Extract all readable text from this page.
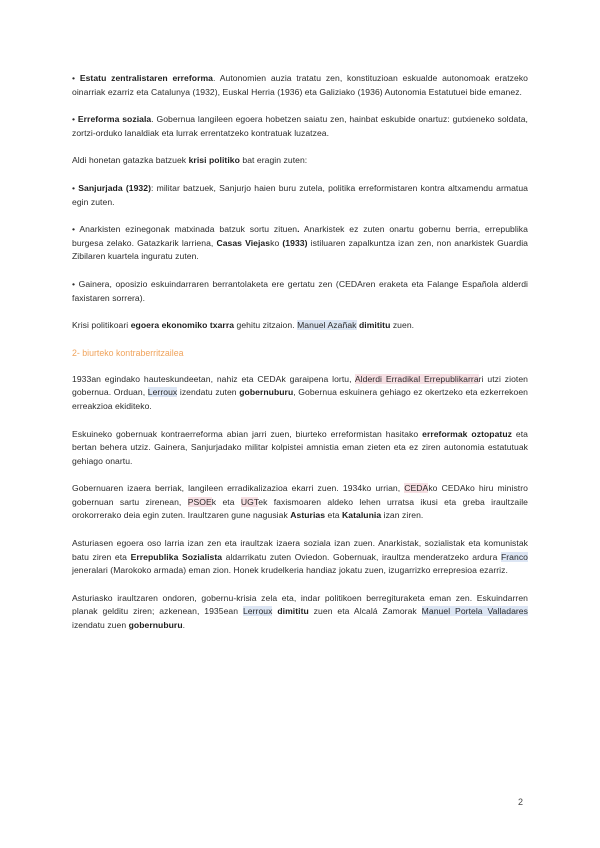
• Estatu zentralistaren erreforma. Autonomien auzia tratatu zen, konstituzioan eskualde autonomoak eratzeko oinarriak ezarriz eta Catalunya (1932), Euskal Herria (1936) eta Galiziako (1936) Autonomia Estatutuei bide emanez.

• Erreforma soziala. Gobernua langileen egoera hobetzen saiatu zen, hainbat eskubide onartuz: gutxieneko soldata, zortzi-orduko lanaldiak eta lurrak errentatzeko kontratuak luzatzea.

Aldi honetan gatazka batzuek krisi politiko bat eragin zuten:

• Sanjurjada (1932): militar batzuek, Sanjurjo haien buru zutela, politika erreformistaren kontra altxamendu armatua egin zuten.

• Anarkisten ezinegonak matxinada batzuk sortu zituen. Anarkistek ez zuten onartu gobernu berria, errepublika burgesa zelako. Gatazkarik larriena, Casas Viejasko (1933) istiluaren zapalkuntza izan zen, non anarkistek Guardia Zibilaren kuartela inguratu zuten.

• Gainera, oposizio eskuindarraren berrantolaketa ere gertatu zen (CEDAren eraketa eta Falange Española alderdi faxistaren sorrera).

Krisi politikoari egoera ekonomiko txarra gehitu zitzaion. Manuel Azañak dimititu zuen.

2- biurteko kontraberritzailea

1933an egindako hauteskundeetan, nahiz eta CEDAk garaipena lortu, Alderdi Erradikal Errepublikarrari utzi zioten gobernua. Orduan, Lerroux izendatu zuten gobernuburu, Gobernua eskuinera gehiago ez okertzeko eta ezkerrekoen erreakzioa ekiditeko.

Eskuineko gobernuak kontraerreforma abian jarri zuen, biurteko erreformistan hasitako erreformak oztopatuz eta bertan behera utziz. Gainera, Sanjurjadako militar kolpistei amnistia eman zieten eta ez ziren autonomia estatutuak gehiago onartu.

Gobernuaren izaera berriak, langileen erradikalizazioa ekarri zuen. 1934ko urrian, CEDAko CEDAko hiru ministro gobernuan sartu zirenean, PSOEk eta UGTek faxismoaren aldeko lehen urratsa ikusi eta greba iraultzaile orokorrerako deia egin zuten. Iraultzaren gune nagusiak Asturias eta Katalunia izan ziren.

Asturiasen egoera oso larria izan zen eta iraultzak izaera soziala izan zuen. Anarkistak, sozialistak eta komunistak batu ziren eta Errepublika Sozialista aldarrikatu zuten Oviedon. Gobernuak, iraultza menderatzeko ardura Franco jeneralari (Marokoko armada) eman zion. Honek krudelkeria handiaz jokatu zuen, izugarrizko errepresioa ezarriz.

Asturiasko iraultzaren ondoren, gobernu-krisia zela eta, indar politikoen berregituraketa eman zen. Eskuindarren planak gelditu ziren; azkenean, 1935ean Lerroux dimititu zuen eta Alcalá Zamorak Manuel Portela Valladares izendatu zuen gobernuburu.

2
